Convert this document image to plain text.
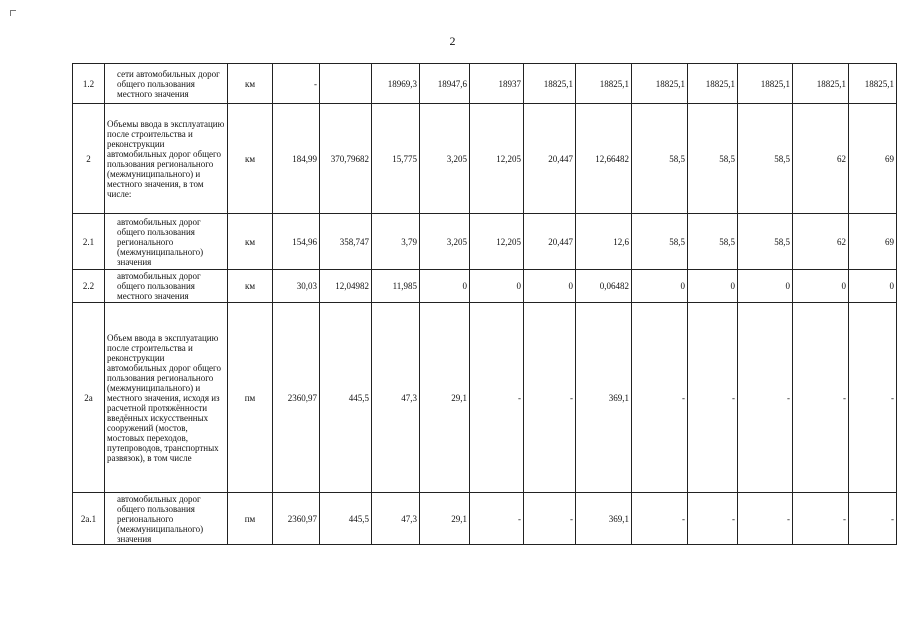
2
1.2	сети автомобильных дорог общего пользования местного значения	км	-		18969,3	18947,6	18937	18825,1	18825,1	18825,1	18825,1	18825,1	18825,1	18825,1
2	Объемы ввода в эксплуатацию после строительства и реконструкции автомобильных дорог общего пользования регионального (межмуниципального) и местного значения, в том числе:	км	184,99	370,79682	15,775	3,205	12,205	20,447	12,66482	58,5	58,5	58,5	62	69
2.1	автомобильных дорог общего пользования регионального (межмуниципального) значения	км	154,96	358,747	3,79	3,205	12,205	20,447	12,6	58,5	58,5	58,5	62	69
2.2	автомобильных дорог общего пользования местного значения	км	30,03	12,04982	11,985	0	0	0	0,06482	0	0	0	0	0
2а	Объем ввода в эксплуатацию после строительства и реконструкции автомобильных дорог общего пользования регионального (межмуниципального) и местного значения, исходя из расчетной протяжённости введённых искусственных сооружений (мостов, мостовых переходов, путепроводов, транспортных развязок), в том числе	пм	2360,97	445,5	47,3	29,1	-	-	369,1	-	-	-	-	-
2а.1	автомобильных дорог общего пользования регионального (межмуниципального) значения	пм	2360,97	445,5	47,3	29,1	-	-	369,1	-	-	-	-	-
